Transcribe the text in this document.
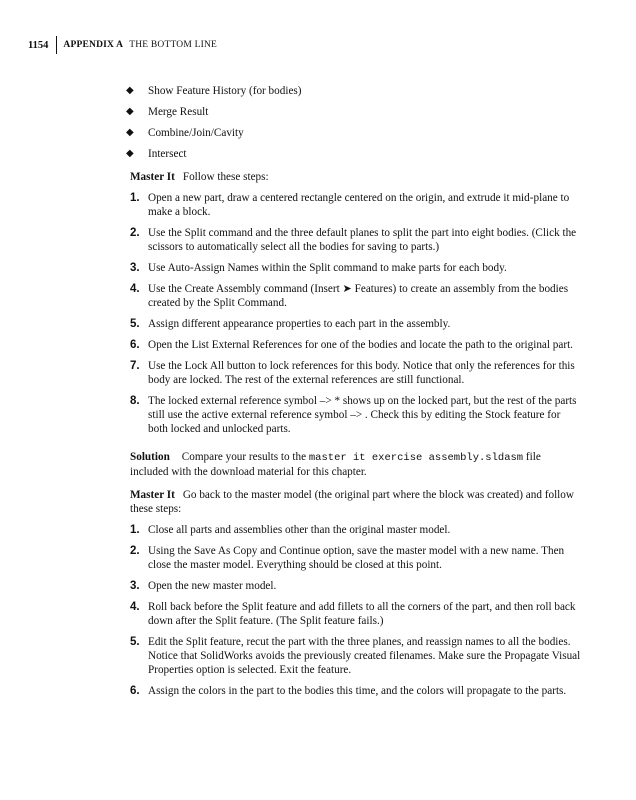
1154 APPENDIX A THE BOTTOM LINE
◆ Show Feature History (for bodies)
◆ Merge Result
◆ Combine/Join/Cavity
◆ Intersect

Master It Follow these steps:

1. Open a new part, draw a centered rectangle centered on the origin, and extrude it mid-plane to make a block.
2. Use the Split command and the three default planes to split the part into eight bodies. (Click the scissors to automatically select all the bodies for saving to parts.)
3. Use Auto-Assign Names within the Split command to make parts for each body.
4. Use the Create Assembly command (Insert ➤ Features) to create an assembly from the bodies created by the Split Command.
5. Assign different appearance properties to each part in the assembly.
6. Open the List External References for one of the bodies and locate the path to the original part.
7. Use the Lock All button to lock references for this body. Notice that only the references for this body are locked. The rest of the external references are still functional.
8. The locked external reference symbol –> * shows up on the locked part, but the rest of the parts still use the active external reference symbol –> . Check this by editing the Stock feature for both locked and unlocked parts.

Solution Compare your results to the master it exercise assembly.sldasm file included with the download material for this chapter.

Master It Go back to the master model (the original part where the block was created) and follow these steps:

1. Close all parts and assemblies other than the original master model.
2. Using the Save As Copy and Continue option, save the master model with a new name. Then close the master model. Everything should be closed at this point.
3. Open the new master model.
4. Roll back before the Split feature and add fillets to all the corners of the part, and then roll back down after the Split feature. (The Split feature fails.)
5. Edit the Split feature, recut the part with the three planes, and reassign names to all the bodies. Notice that SolidWorks avoids the previously created filenames. Make sure the Propagate Visual Properties option is selected. Exit the feature.
6. Assign the colors in the part to the bodies this time, and the colors will propagate to the parts.
